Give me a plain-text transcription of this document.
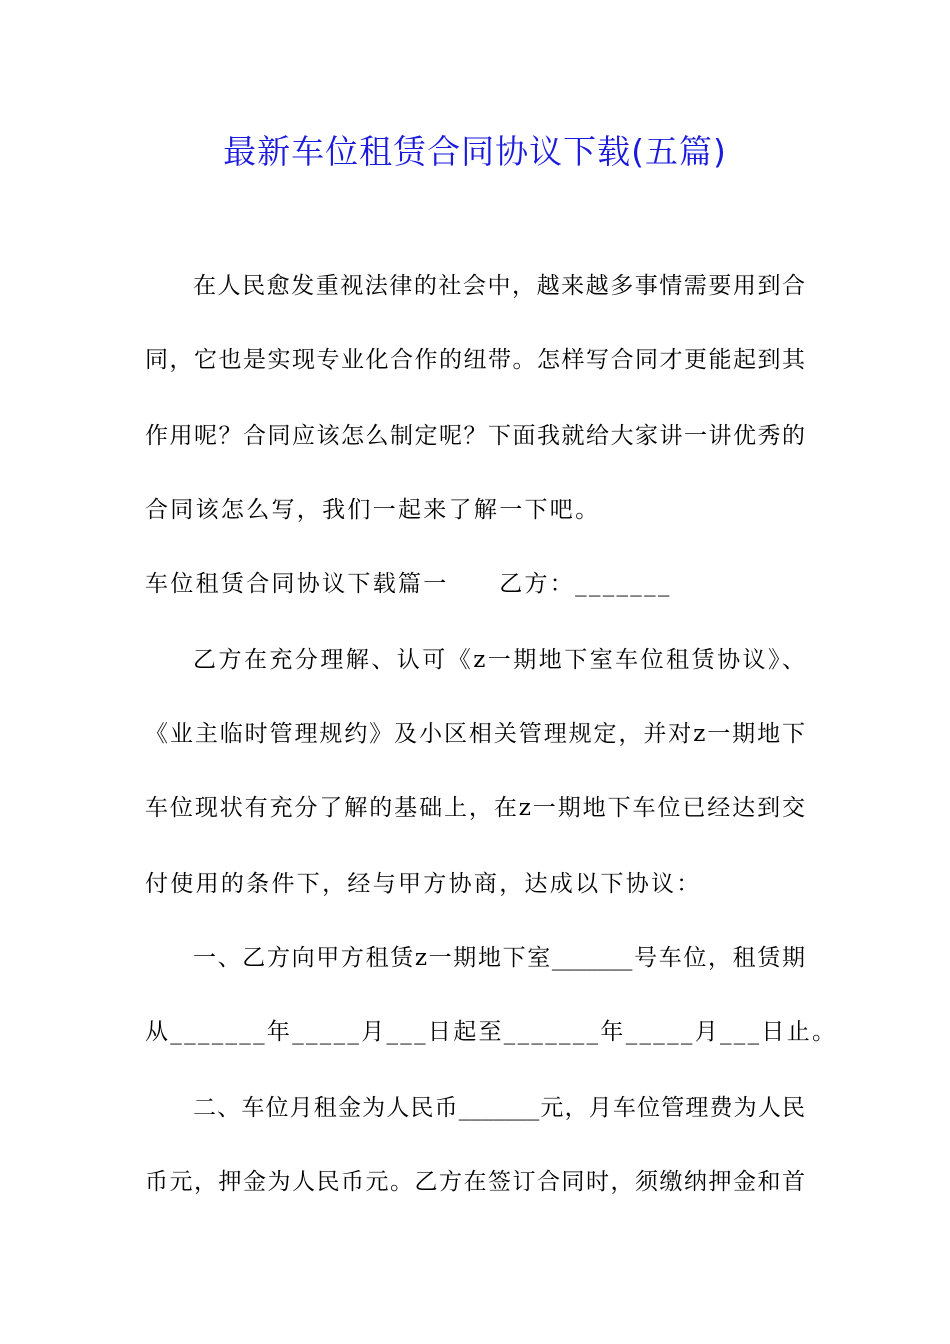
最新车位租赁合同协议下载(五篇)
在人民愈发重视法律的社会中，越来越多事情需要用到合
同，它也是实现专业化合作的纽带。怎样写合同才更能起到其
作用呢？合同应该怎么制定呢？下面我就给大家讲一讲优秀的
合同该怎么写，我们一起来了解一下吧。
车位租赁合同协议下载篇一　　乙方：_______
乙方在充分理解、认可《z一期地下室车位租赁协议》、
《业主临时管理规约》及小区相关管理规定，并对z一期地下
车位现状有充分了解的基础上，在z一期地下车位已经达到交
付使用的条件下，经与甲方协商，达成以下协议：
一、乙方向甲方租赁z一期地下室_______号车位，租赁期
从_______年_____月___日起至_______年_____月___日止。
二、车位月租金为人民币_______元，月车位管理费为人民
币元，押金为人民币元。乙方在签订合同时，须缴纳押金和首
